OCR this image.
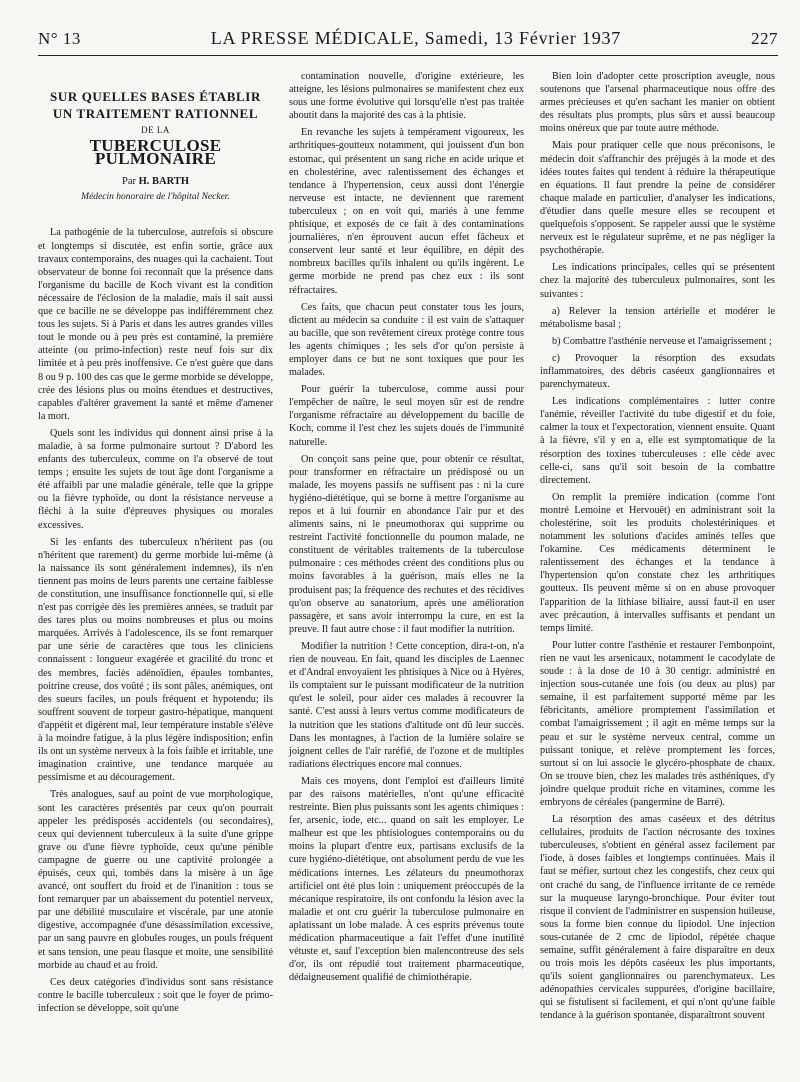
N° 13	LA PRESSE MÉDICALE, Samedi, 13 Février 1937	227
SUR QUELLES BASES ÉTABLIR
UN TRAITEMENT RATIONNEL
DE LA
TUBERCULOSE PULMONAIRE
Par H. BARTH
Médecin honoraire de l'hôpital Necker.

La pathogénie de la tuberculose, autrefois si obscure et longtemps si discutée, est enfin sortie, grâce aux travaux contemporains, des nuages qui la cachaient. Tout observateur de bonne foi reconnaît que la présence dans l'organisme du bacille de Koch vivant est la condition nécessaire de l'éclosion de la maladie, mais il sait aussi que ce bacille ne se développe pas indifféremment chez tous les sujets. Si à Paris et dans les autres grandes villes tout le monde ou à peu près est contaminé, la première atteinte (ou primo-infection) reste neuf fois sur dix limitée et à peu près inoffensive. Ce n'est guère que dans 8 ou 9 p. 100 des cas que le germe morbide se développe, crée des lésions plus ou moins étendues et destructives, capables d'altérer gravement la santé et même d'amener la mort.

Quels sont les individus qui donnent ainsi prise à la maladie, à sa forme pulmonaire surtout ? D'abord les enfants des tuberculeux, comme on l'a observé de tout temps ; ensuite les sujets de tout âge dont l'organisme a été affaibli par une maladie générale, telle que la grippe ou la fièvre typhoïde, ou dont la résistance nerveuse a fléchi à la suite d'épreuves physiques ou morales excessives.

Si les enfants des tuberculeux n'héritent pas (ou n'héritent que rarement) du germe morbide lui-même (à la naissance ils sont généralement indemnes), ils n'en tiennent pas moins de leurs parents une certaine faiblesse de constitution, une insuffisance fonctionnelle qui, si elle n'est pas corrigée dès les premières années, se traduit par des tares plus ou moins nombreuses et plus ou moins marquées. Arrivés à l'adolescence, ils se font remarquer par une série de caractères que tous les cliniciens connaissent : longueur exagérée et gracilité du tronc et des membres, faciès adénoïdien, épaules tombantes, poitrine creuse, dos voûté ; ils sont pâles, anémiques, ont des sueurs faciles, un pouls fréquent et hypotendu; ils souffrent souvent de torpeur gastro-hépatique, manquent d'appétit et digèrent mal, leur température instable s'élève à la moindre fatigue, à la plus légère indisposition; enfin ils ont un système nerveux à la fois faible et irritable, une imagination craintive, une tendance marquée au pessimisme et au découragement.

Très analogues, sauf au point de vue morphologique, sont les caractères présentés par ceux qu'on pourrait appeler les prédisposés accidentels (ou secondaires), ceux qui deviennent tuberculeux à la suite d'une grippe grave ou d'une fièvre typhoïde, ceux qu'une pénible campagne de guerre ou une captivité prolongée a épuisés, ceux qui, tombés dans la misère à un âge avancé, ont souffert du froid et de l'inanition : tous se font remarquer par un abaissement du potentiel nerveux, par une débilité musculaire et viscérale, par une atonie digestive, accompagnée d'une désassimilation excessive, par un sang pauvre en globules rouges, un pouls fréquent et sans tension, une peau flasque et moite, une sensibilité morbide au chaud et au froid.

Ces deux catégories d'individus sont sans résistance contre le bacille tuberculeux : soit que le foyer de primo-infection se développe, soit qu'une

contamination nouvelle, d'origine extérieure, les atteigne, les lésions pulmonaires se manifestent chez eux sous une forme évolutive qui lorsqu'elle n'est pas traitée aboutit dans la majorité des cas à la phtisie.

En revanche les sujets à tempérament vigoureux, les arthritiques-goutteux notamment, qui jouissent d'un bon estomac, qui présentent un sang riche en acide urique et en cholestérine, avec ralentissement des échanges et tendance à l'hypertension, ceux aussi dont l'énergie nerveuse est intacte, ne deviennent que rarement tuberculeux ; on en voit qui, mariés à une femme phtisique, et exposés de ce fait à des contaminations journalières, n'en éprouvent aucun effet fâcheux et conservent leur santé et leur équilibre, en dépit des nombreux bacilles qu'ils inhalent ou qu'ils ingèrent. Le germe morbide ne prend pas chez eux : ils sont réfractaires.

Ces faits, que chacun peut constater tous les jours, dictent au médecin sa conduite : il est vain de s'attaquer au bacille, que son revêtement cireux protège contre tous les agents chimiques ; les sels d'or qu'on persiste à employer dans ce but ne sont toxiques que pour les malades.

Pour guérir la tuberculose, comme aussi pour l'empêcher de naître, le seul moyen sûr est de rendre l'organisme réfractaire au développement du bacille de Koch, comme il l'est chez les sujets doués de l'immunité naturelle.

On conçoit sans peine que, pour obtenir ce résultat, pour transformer en réfractaire un prédisposé ou un malade, les moyens passifs ne suffisent pas : ni la cure hygiéno-diététique, qui se borne à mettre l'organisme au repos et à lui fournir en abondance l'air pur et des aliments sains, ni le pneumothorax qui supprime ou restreint l'activité fonctionnelle du poumon malade, ne constituent de véritables traitements de la tuberculose pulmonaire : ces méthodes créent des conditions plus ou moins favorables à la guérison, mais elles ne la produisent pas; la fréquence des rechutes et des récidives qu'on observe au sanatorium, après une amélioration passagère, et sans avoir interrompu la cure, en est la preuve. Il faut autre chose : il faut modifier la nutrition.

Modifier la nutrition ! Cette conception, dira-t-on, n'a rien de nouveau. En fait, quand les disciples de Laennec et d'Andral envoyaient les phtisiques à Nice ou à Hyères, ils comptaient sur le puissant modificateur de la nutrition qu'est le soleil, pour aider ces malades à recouvrer la santé. C'est aussi à leurs vertus comme modificateurs de la nutrition que les stations d'altitude ont dû leur succès. Dans les montagnes, à l'action de la lumière solaire se joignent celles de l'air raréfié, de l'ozone et de multiples radiations électriques encore mal connues.

Mais ces moyens, dont l'emploi est d'ailleurs limité par des raisons matérielles, n'ont qu'une efficacité restreinte. Bien plus puissants sont les agents chimiques : fer, arsenic, iode, etc... quand on sait les employer. Le malheur est que les phtisiologues contemporains ou du moins la plupart d'entre eux, partisans exclusifs de la cure hygiéno-diététique, ont absolument perdu de vue les médications internes. Les zélateurs du pneumothorax artificiel ont été plus loin : uniquement préoccupés de la mécanique respiratoire, ils ont confondu la lésion avec la maladie et ont cru guérir la tuberculose pulmonaire en aplatissant un lobe malade. À ces esprits prévenus toute médication pharmaceutique a fait l'effet d'une inutilité vétuste et, sauf l'exception bien malencontreuse des sels d'or, ils ont répudié tout traitement pharmaceutique, dédaigneusement qualifié de chimiothérapie.

Bien loin d'adopter cette proscription aveugle, nous soutenons que l'arsenal pharmaceutique nous offre des armes précieuses et qu'en sachant les manier on obtient des résultats plus prompts, plus sûrs et aussi beaucoup moins onéreux que par toute autre méthode.

Mais pour pratiquer celle que nous préconisons, le médecin doit s'affranchir des préjugés à la mode et des idées toutes faites qui tendent à réduire la thérapeutique en équations. Il faut prendre la peine de considérer chaque malade en particulier, d'analyser les indications, d'étudier dans quelle mesure elles se recoupent et quelquefois s'opposent. Se rappeler aussi que le système nerveux est le régulateur suprême, et ne pas négliger la psychothérapie.

Les indications principales, celles qui se présentent chez la majorité des tuberculeux pulmonaires, sont les suivantes :

a) Relever la tension artérielle et modérer le métabolisme basal ;

b) Combattre l'asthénie nerveuse et l'amaigrissement ;

c) Provoquer la résorption des exsudats inflammatoires, des débris caséeux ganglionnaires et parenchymateux.

Les indications complémentaires : lutter contre l'anémie, réveiller l'activité du tube digestif et du foie, calmer la toux et l'expectoration, viennent ensuite. Quant à la fièvre, s'il y en a, elle est symptomatique de la résorption des toxines tuberculeuses : elle cède avec celle-ci, sans qu'il soit besoin de la combattre directement.

On remplit la première indication (comme l'ont montré Lemoine et Hervouët) en administrant soit la cholestérine, soit les produits cholestériniques et notamment les solutions d'acides aminés telles que l'okamine. Ces médicaments déterminent le ralentissement des échanges et la tendance à l'hypertension qu'on constate chez les arthritiques goutteux. Ils peuvent même si on en abuse provoquer l'apparition de la lithiase biliaire, aussi faut-il en user avec précaution, à intervalles suffisants et pendant un temps limité.

Pour lutter contre l'asthénie et restaurer l'embonpoint, rien ne vaut les arsenicaux, notamment le cacodylate de soude : à la dose de 10 à 30 centigr. administré en injection sous-cutanée une fois (ou deux au plus) par semaine, il est parfaitement supporté même par les fébricitants, améliore promptement l'assimilation et combat l'amaigrissement ; il agit en même temps sur la peau et sur le système nerveux central, comme un puissant tonique, et relève promptement les forces, surtout si on lui associe le glycéro-phosphate de chaux. On se trouve bien, chez les malades très asthéniques, d'y joindre quelque produit riche en vitamines, comme les embryons de céréales (pangermine de Barré).

La résorption des amas caséeux et des détritus cellulaires, produits de l'action nécrosante des toxines tuberculeuses, s'obtient en général assez facilement par l'iode, à doses faibles et longtemps continuées. Mais il faut se méfier, surtout chez les congestifs, chez ceux qui ont craché du sang, de l'influence irritante de ce remède sur la muqueuse laryngo-bronchique. Pour éviter tout risque il convient de l'administrer en suspension huileuse, sous la forme bien connue du lipiodol. Une injection sous-cutanée de 2 cmc de lipiodol, répétée chaque semaine, suffit généralement à faire disparaître en deux ou trois mois les dépôts caséeux les plus importants, qu'ils soient ganglionnaires ou parenchymateux. Les adénopathies cervicales suppurées, d'origine bacillaire, qui se fistulisent si facilement, et qui n'ont qu'une faible tendance à la guérison spontanée, disparaîtront souvent
